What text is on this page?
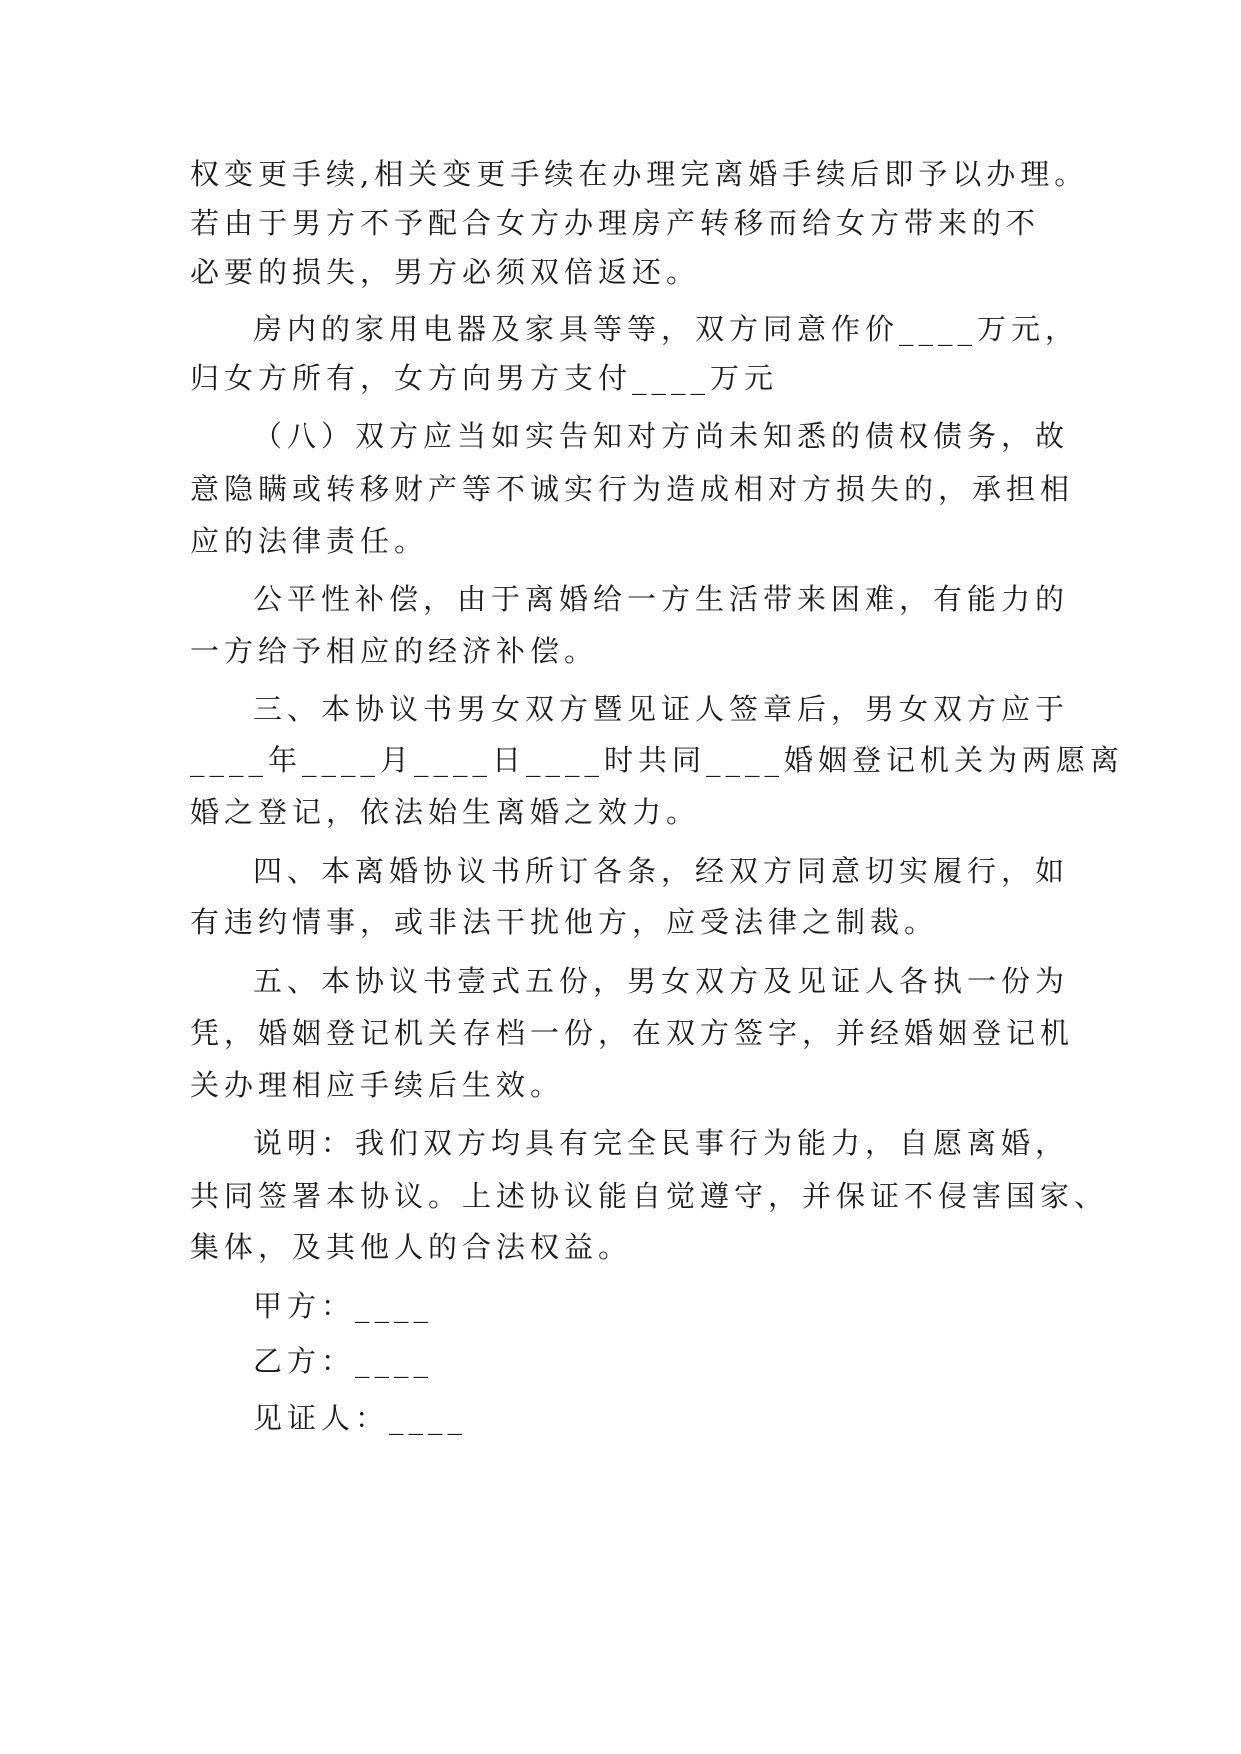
权变更手续,相关变更手续在办理完离婚手续后即予以办理。
若由于男方不予配合女方办理房产转移而给女方带来的不
必要的损失，男方必须双倍返还。
房内的家用电器及家具等等，双方同意作价____万元，
归女方所有，女方向男方支付____万元
（八）双方应当如实告知对方尚未知悉的债权债务，故
意隐瞒或转移财产等不诚实行为造成相对方损失的，承担相
应的法律责任。
公平性补偿，由于离婚给一方生活带来困难，有能力的
一方给予相应的经济补偿。
三、本协议书男女双方暨见证人签章后，男女双方应于
____年____月____日____时共同____婚姻登记机关为两愿离
婚之登记，依法始生离婚之效力。
四、本离婚协议书所订各条，经双方同意切实履行，如
有违约情事，或非法干扰他方，应受法律之制裁。
五、本协议书壹式五份，男女双方及见证人各执一份为
凭，婚姻登记机关存档一份，在双方签字，并经婚姻登记机
关办理相应手续后生效。
说明：我们双方均具有完全民事行为能力，自愿离婚，
共同签署本协议。上述协议能自觉遵守，并保证不侵害国家、
集体，及其他人的合法权益。
甲方：____
乙方：____
见证人：____
